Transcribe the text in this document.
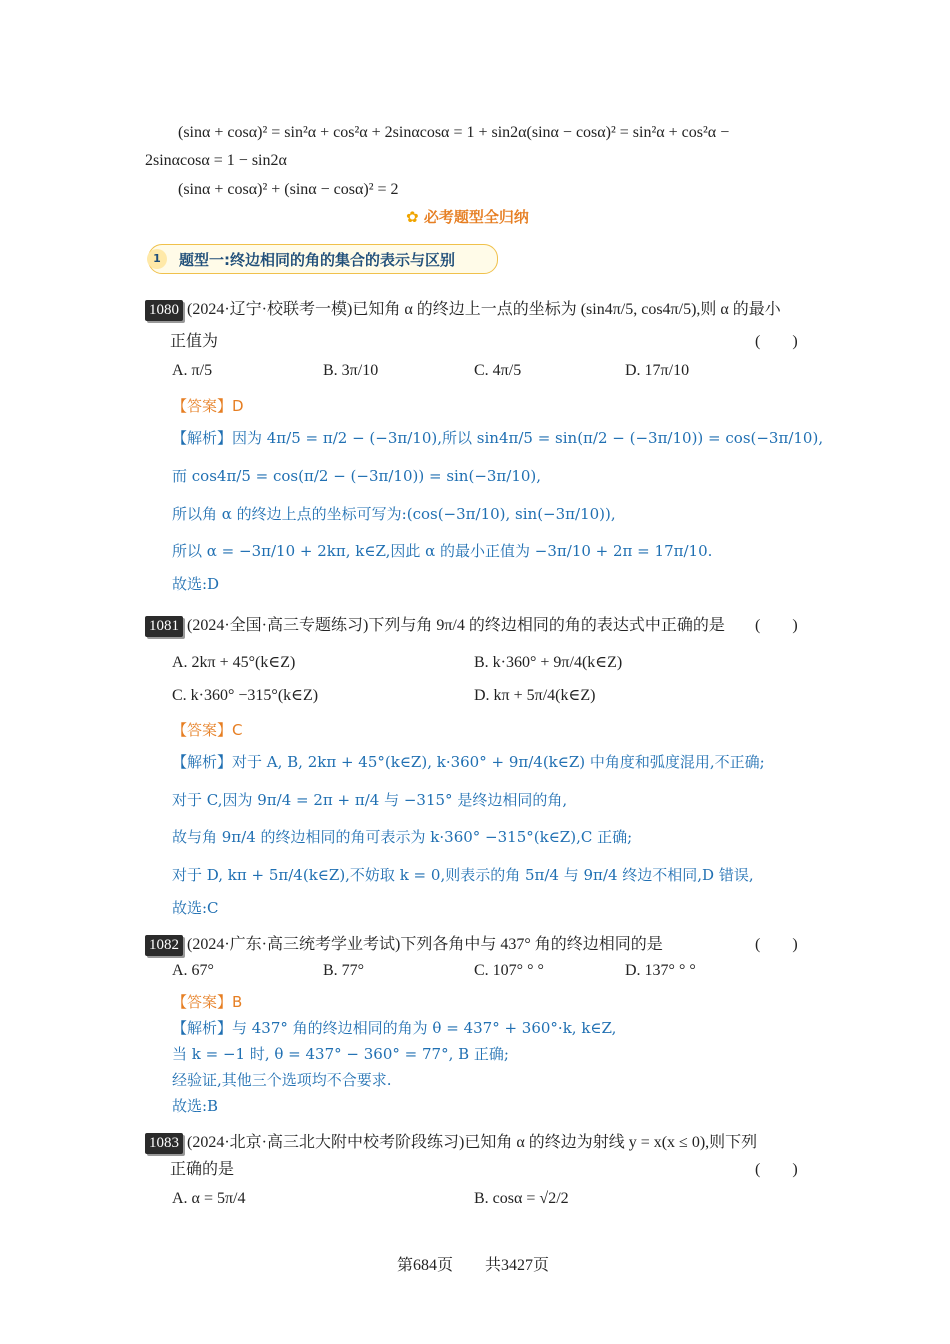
(sinα + cosα)² = sin²α + cos²α + 2sinαcosα = 1 + sin2α(sinα − cosα)² = sin²α + cos²α −
2sinαcosα = 1 − sin2α
(sinα + cosα)² + (sinα − cosα)² = 2
✿ 必考题型全归纳
1	题型一:终边相同的角的集合的表示与区别
1080 (2024·辽宁·校联考一模)已知角 α 的终边上一点的坐标为 (sin4π/5, cos4π/5),则 α 的最小
正值为	(　　)
A. π/5	B. 3π/10	C. 4π/5	D. 17π/10
【答案】D
【解析】因为 4π/5 = π/2 − (−3π/10),所以 sin4π/5 = sin(π/2 − (−3π/10)) = cos(−3π/10),
而 cos4π/5 = cos(π/2 − (−3π/10)) = sin(−3π/10),
所以角 α 的终边上点的坐标可写为:(cos(−3π/10), sin(−3π/10)),
所以 α = −3π/10 + 2kπ, k∈Z,因此 α 的最小正值为 −3π/10 + 2π = 17π/10.
故选:D
1081 (2024·全国·高三专题练习)下列与角 9π/4 的终边相同的角的表达式中正确的是 (　　)
A. 2kπ + 45°(k∈Z)	B. k·360° + 9π/4(k∈Z)
C. k·360° −315°(k∈Z)	D. kπ + 5π/4(k∈Z)
【答案】C
【解析】对于 A, B, 2kπ + 45°(k∈Z), k·360° + 9π/4(k∈Z) 中角度和弧度混用,不正确;
对于 C,因为 9π/4 = 2π + π/4 与 −315° 是终边相同的角,
故与角 9π/4 的终边相同的角可表示为 k·360° −315°(k∈Z),C 正确;
对于 D, kπ + 5π/4(k∈Z),不妨取 k = 0,则表示的角 5π/4 与 9π/4 终边不相同,D 错误,
故选:C
1082 (2024·广东·高三统考学业考试)下列各角中与 437° 角的终边相同的是	(　　)
A. 67°	B. 77°	C. 107° ° °	D. 137° ° °
【答案】B
【解析】与 437° 角的终边相同的角为 θ = 437° + 360°·k, k∈Z,
当 k = −1 时, θ = 437° − 360° = 77°, B 正确;
经验证,其他三个选项均不合要求.
故选:B
1083 (2024·北京·高三北大附中校考阶段练习)已知角 α 的终边为射线 y = x(x ≤ 0),则下列
正确的是	(　　)
A. α = 5π/4	B. cosα = √2/2
第684页 共3427页
